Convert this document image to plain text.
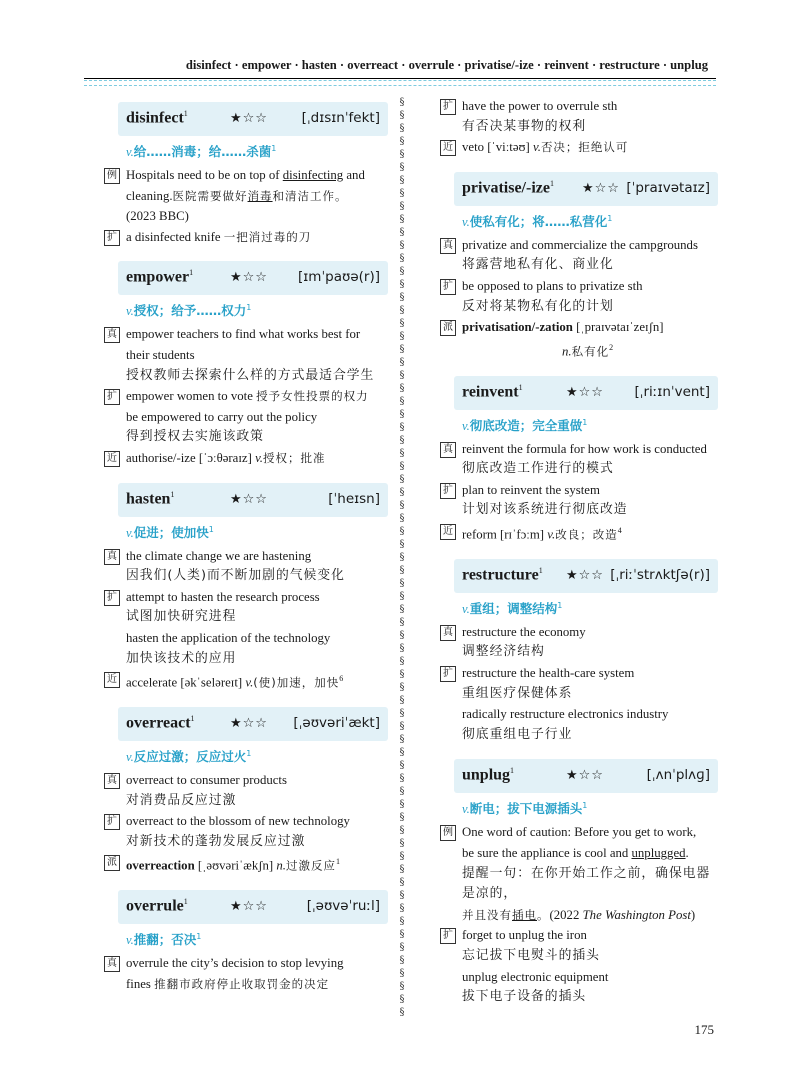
disinfect · empower · hasten · overreact · overrule · privatise/-ize · reinvent · restructure · unplug
§
§
§
§
§
§
§
§
§
§
§
§
§
§
§
§
§
§
§
§
§
§
§
§
§
§
§
§
§
§
§
§
§
§
§
§
§
§
§
§
§
§
§
§
§
§
§
§
§
§
§
§
§
§
§
§
§
§
§
§
§
§
§
§
§
§
§
§
§
§
§
disinfect$^1$	★☆☆ [ˌdɪsɪnˈfekt]
v.给……消毒；给……杀菌$^1$
例 Hospitals need to be on top of disinfecting and
cleaning.医院需要做好消毒和清洁工作。
(2023 BBC)
扩 a disinfected knife 一把消过毒的刀
empower$^1$	★☆☆ [ɪmˈpaʊə(r)]
v.授权；给予……权力$^1$
真 empower teachers to find what works best for
their students
授权教师去探索什么样的方式最适合学生
扩 empower women to vote 授予女性投票的权力
be empowered to carry out the policy
得到授权去实施该政策
近 authorise/-ize [ˈɔːθəraɪz] v.授权；批准
hasten$^1$	★☆☆	[ˈheɪsn]
v.促进；使加快$^1$
真 the climate change we are hastening
因我们(人类)而不断加剧的气候变化
扩 attempt to hasten the research process
试图加快研究进程
hasten the application of the technology
加快该技术的应用
近 accelerate [əkˈseləreɪt] v.(使)加速，加快$^6$
overreact$^1$	★☆☆ [ˌəʊvəriˈækt]
v.反应过激；反应过火$^1$
真 overreact to consumer products
对消费品反应过激
扩 overreact to the blossom of new technology
对新技术的蓬勃发展反应过激
派 overreaction [ˌəʊvəriˈækʃn] n.过激反应$^1$
overrule$^1$	★☆☆	[ˌəʊvəˈruːl]
v.推翻；否决$^1$
真 overrule the city’s decision to stop levying
fines 推翻市政府停止收取罚金的决定
扩 have the power to overrule sth
有否决某事物的权利
近 veto [ˈviːtəʊ] v.否决；拒绝认可
privatise/-ize$^1$ ★☆☆ [ˈpraɪvətaɪz]
v.使私有化；将……私营化$^1$
真 privatize and commercialize the campgrounds
将露营地私有化、商业化
扩 be opposed to plans to privatize sth
反对将某物私有化的计划
派 privatisation/-zation [ˌpraɪvətaɪˈzeɪʃn]
n.私有化$^2$
reinvent$^1$	★☆☆ [ˌriːɪnˈvent]
v.彻底改造；完全重做$^1$
真 reinvent the formula for how work is conducted
彻底改造工作进行的模式
扩 plan to reinvent the system
计划对该系统进行彻底改造
近 reform [rɪˈfɔːm] v.改良；改造$^4$
restructure$^1$ ★☆☆ [ˌriːˈstrʌktʃə(r)]
v.重组；调整结构$^1$
真 restructure the economy
调整经济结构
扩 restructure the health-care system
重组医疗保健体系
radically restructure electronics industry
彻底重组电子行业
unplug$^1$	★☆☆	[ˌʌnˈplʌɡ]
v.断电；拔下电源插头$^1$
例 One word of caution: Before you get to work,
be sure the appliance is cool and unplugged.
提醒一句：在你开始工作之前，确保电器是凉的，
并且没有插电。(2022 The Washington Post)
扩 forget to unplug the iron
忘记拔下电熨斗的插头
unplug electronic equipment
拔下电子设备的插头
175
